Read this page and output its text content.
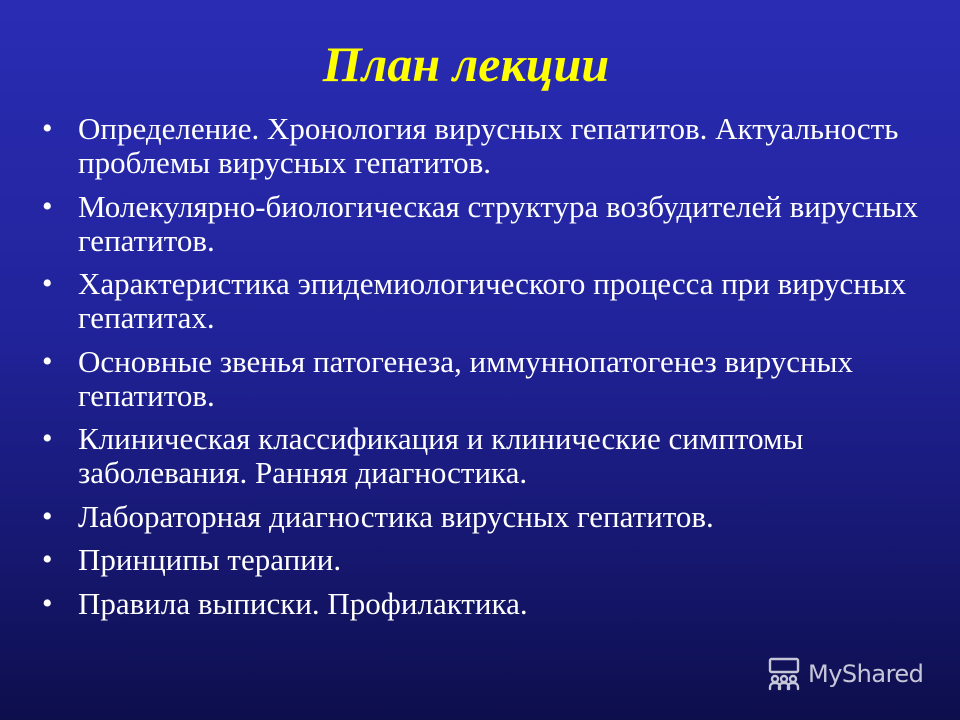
План лекции
• Определение. Хронология вирусных гепатитов. Актуальность проблемы вирусных гепатитов.
• Молекулярно-биологическая структура возбудителей вирусных гепатитов.
• Характеристика эпидемиологического процесса при вирусных гепатитах.
• Основные звенья патогенеза, иммуннопатогенез вирусных гепатитов.
• Клиническая классификация и клинические симптомы заболевания. Ранняя диагностика.
• Лабораторная диагностика вирусных гепатитов.
• Принципы терапии.
• Правила выписки. Профилактика.
MyShared
